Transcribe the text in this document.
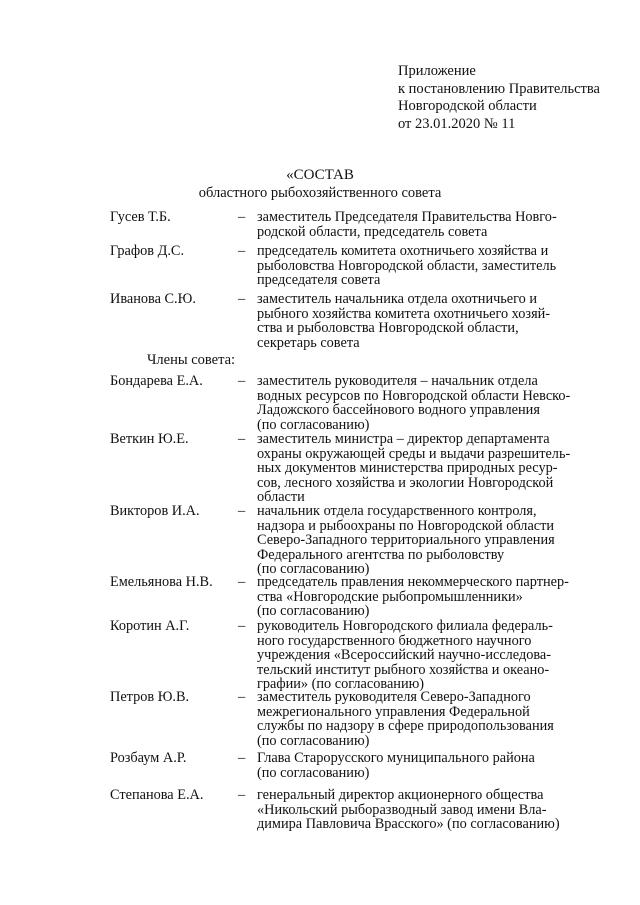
Приложение
к постановлению Правительства
Новгородской области
от 23.01.2020 № 11
«СОСТАВ
областного рыбохозяйственного совета
Гусев Т.Б.	– заместитель Председателя Правительства Новго-
родской области, председатель совета
Графов Д.С.	– председатель комитета охотничьего хозяйства и
рыболовства Новгородской области, заместитель
председателя совета
Иванова С.Ю.	– заместитель начальника отдела охотничьего и
рыбного хозяйства комитета охотничьего хозяй-
ства и рыболовства Новгородской области,
секретарь совета
Члены совета:
Бондарева Е.А. – заместитель руководителя – начальник отдела
водных ресурсов по Новгородской области Невско-
Ладожского бассейнового водного управления
(по согласованию)
Веткин Ю.Е.	– заместитель министра – директор департамента
охраны окружающей среды и выдачи разрешитель-
ных документов министерства природных ресур-
сов, лесного хозяйства и экологии Новгородской
области
Викторов И.А.	– начальник отдела государственного контроля,
надзора и рыбоохраны по Новгородской области
Северо-Западного территориального управления
Федерального агентства по рыболовству
(по согласованию)
Емельянова Н.В. – председатель правления некоммерческого партнер-
ства «Новгородские рыбопромышленники»
(по согласованию)
Коротин А.Г.	– руководитель Новгородского филиала федераль-
ного государственного бюджетного научного
учреждения «Всероссийский научно-исследова-
тельский институт рыбного хозяйства и океано-
графии» (по согласованию)
Петров Ю.В.	– заместитель руководителя Северо-Западного
межрегионального управления Федеральной
службы по надзору в сфере природопользования
(по согласованию)
Розбаум А.Р.	– Глава Старорусского муниципального района
(по согласованию)
Степанова Е.А. – генеральный директор акционерного общества
«Никольский рыборазводный завод имени Вла-
димира Павловича Врасского» (по согласованию)
